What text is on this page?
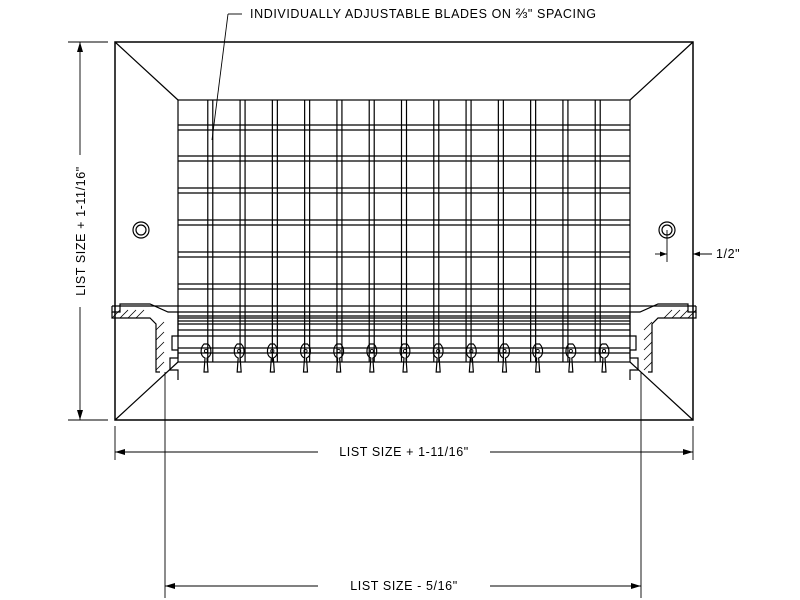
1/2"
INDIVIDUALLY ADJUSTABLE BLADES ON ⅔" SPACING
LIST SIZE + 1-11/16"
LIST SIZE + 1-11/16"
LIST SIZE - 5/16"
